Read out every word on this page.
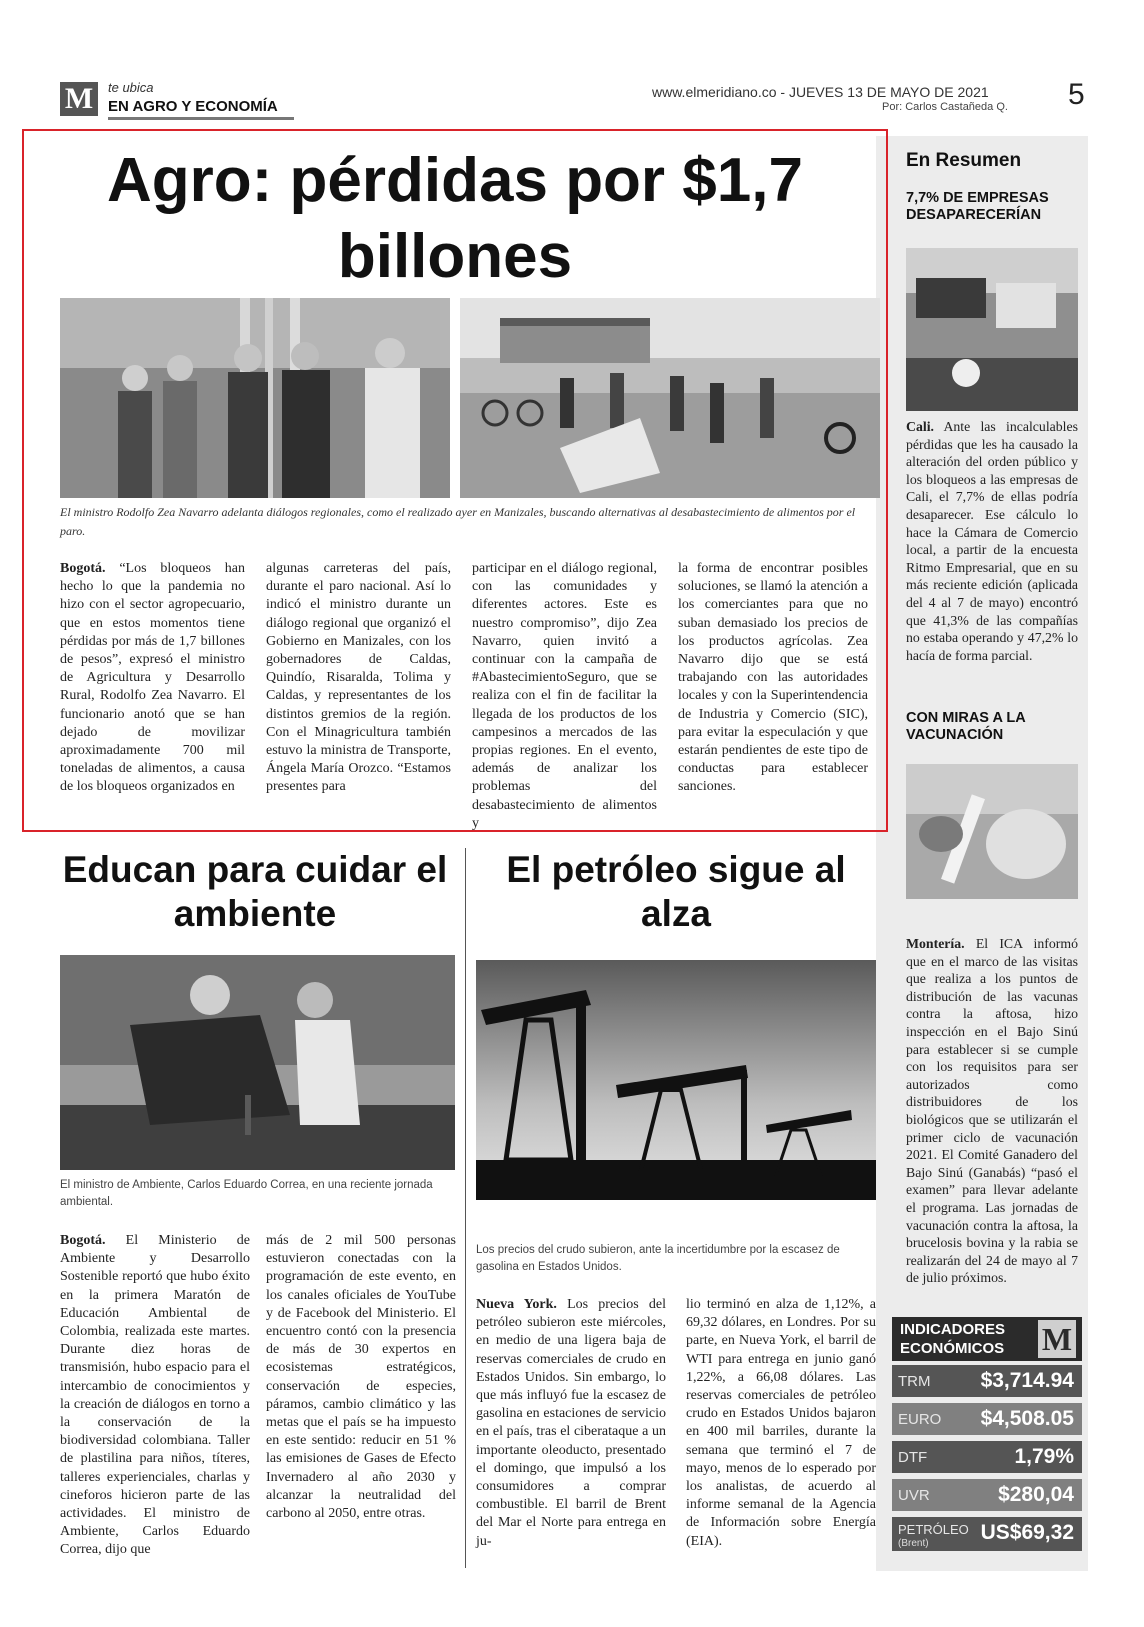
M	te ubica
EN AGRO Y ECONOMÍA
www.elmeridiano.co - JUEVES 13 DE MAYO DE 2021
Por: Carlos Castañeda Q. 5
Agro: pérdidas por $1,7 billones
El ministro Rodolfo Zea Navarro adelanta diálogos regionales, como el realizado ayer en Manizales, buscando alternativas al desabastecimiento de alimentos por el paro.
Bogotá. “Los bloqueos han hecho lo que la pandemia no hizo con el sector agropecuario, que en estos momentos tiene pérdidas por más de 1,7 billones de pesos”, expresó el ministro de Agricultura y Desarrollo Rural, Rodolfo Zea Navarro. El funcionario anotó que se han dejado de movilizar aproximadamente 700 mil toneladas de alimentos, a causa de los bloqueos organizados en
algunas carreteras del país, durante el paro nacional. Así lo indicó el ministro durante un diálogo regional que organizó el Gobierno en Manizales, con los gobernadores de Caldas, Quindío, Risaralda, Tolima y Caldas, y representantes de los distintos gremios de la región. Con el Minagricultura también estuvo la ministra de Transporte, Ángela María Orozco. “Estamos presentes para
participar en el diálogo regional, con las comunidades y diferentes actores. Este es nuestro compromiso”, dijo Zea Navarro, quien invitó a continuar con la campaña de #AbastecimientoSeguro, que se realiza con el fin de facilitar la llegada de los productos de los campesinos a mercados de las propias regiones. En el evento, además de analizar los problemas del desabastecimiento de alimentos y
la forma de encontrar posibles soluciones, se llamó la atención a los comerciantes para que no suban demasiado los precios de los productos agrícolas. Zea Navarro dijo que se está trabajando con las autoridades locales y con la Superintendencia de Industria y Comercio (SIC), para evitar la especulación y que estarán pendientes de este tipo de conductas para establecer sanciones.
Educan para cuidar el ambiente
El ministro de Ambiente, Carlos Eduardo Correa, en una reciente jornada ambiental.
Bogotá. El Ministerio de Ambiente y Desarrollo Sostenible reportó que hubo éxito en la primera Maratón de Educación Ambiental de Colombia, realizada este martes. Durante diez horas de transmisión, hubo espacio para el intercambio de conocimientos y la creación de diálogos en torno a la conservación de la biodiversidad colombiana. Taller de plastilina para niños, títeres, talleres experienciales, charlas y cineforos hicieron parte de las actividades. El ministro de Ambiente, Carlos Eduardo Correa, dijo que
más de 2 mil 500 personas estuvieron conectadas con la programación de este evento, en los canales oficiales de YouTube y de Facebook del Ministerio. El encuentro contó con la presencia de más de 30 expertos en ecosistemas estratégicos, conservación de especies, páramos, cambio climático y las metas que el país se ha impuesto en este sentido: reducir en 51 % las emisiones de Gases de Efecto Invernadero al año 2030 y alcanzar la neutralidad del carbono al 2050, entre otras.
El petróleo sigue al alza
Los precios del crudo subieron, ante la incertidumbre por la escasez de gasolina en Estados Unidos.
Nueva York. Los precios del petróleo subieron este miércoles, en medio de una ligera baja de reservas comerciales de crudo en Estados Unidos. Sin embargo, lo que más influyó fue la escasez de gasolina en estaciones de servicio en el país, tras el ciberataque a un importante oleoducto, presentado el domingo, que impulsó a los consumidores a comprar combustible. El barril de Brent del Mar el Norte para entrega en ju-
lio terminó en alza de 1,12%, a 69,32 dólares, en Londres. Por su parte, en Nueva York, el barril de WTI para entrega en junio ganó 1,22%, a 66,08 dólares. Las reservas comerciales de petróleo crudo en Estados Unidos bajaron en 400 mil barriles, durante la semana que terminó el 7 de mayo, menos de lo esperado por los analistas, de acuerdo al informe semanal de la Agencia de Información sobre Energía (EIA).
En Resumen
7,7% DE EMPRESAS DESAPARECERÍAN
Cali. Ante las incalculables pérdidas que les ha causado la alteración del orden público y los bloqueos a las empresas de Cali, el 7,7% de ellas podría desaparecer. Ese cálculo lo hace la Cámara de Comercio local, a partir de la encuesta Ritmo Empresarial, que en su más reciente edición (aplicada del 4 al 7 de mayo) encontró que 41,3% de las compañías no estaba operando y 47,2% lo hacía de forma parcial.
CON MIRAS A LA VACUNACIÓN
Montería. El ICA informó que en el marco de las visitas que realiza a los puntos de distribución de las vacunas contra la aftosa, hizo inspección en el Bajo Sinú para establecer si se cumple con los requisitos para ser autorizados como distribuidores de los biológicos que se utilizarán el primer ciclo de vacunación 2021. El Comité Ganadero del Bajo Sinú (Ganabás) “pasó el examen” para llevar adelante el programa. Las jornadas de vacunación contra la aftosa, la brucelosis bovina y la rabia se realizarán del 24 de mayo al 7 de julio próximos.
INDICADORES
ECONÓMICOS M
TRM $3,714.94
EURO $4,508.05
DTF	1,79%
UVR	$280,04
PETRÓLEO
(Brent) US$69,32
